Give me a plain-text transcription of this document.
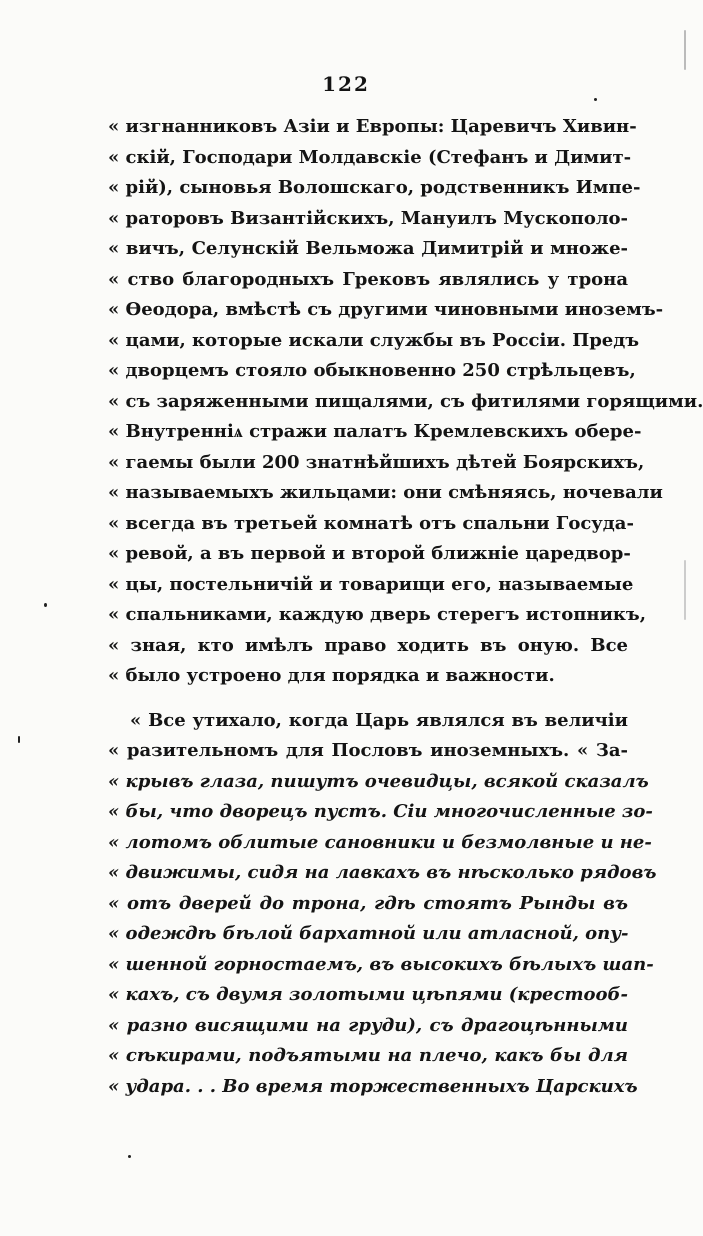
122
« изгнанниковъ Азіи и Европы: Царевичъ Хивин-
« скій, Господари Молдавскіе (Стефанъ и Димит-
« рій), сыновья Волошскаго, родственникъ Импе-
« раторовъ Византійскихъ, Мануилъ Мускополо-
« вичъ, Селунскій Вельможа Димитрій и множе-
« ство благородныхъ Грековъ являлись у трона
« Ѳеодора, вмѣстѣ съ другими чиновными иноземъ-
« цами, которые искали службы въ Россіи. Предъ
« дворцемъ стояло обыкновенно 250 стрѣльцевъ,
« съ заряженными пищалями, съ фитилями горящими.
« Внутренніѧ стражи палатъ Кремлевскихъ обере-
« гаемы были 200 знатнѣйшихъ дѣтей Боярскихъ,
« называемыхъ жильцами: они смѣняясь, ночевали
« всегда въ третьей комнатѣ отъ спальни Госуда-
« ревой, а въ первой и второй ближніе царедвор-
« цы, постельничій и товарищи его, называемые
« спальниками, каждую дверь стерегъ истопникъ,
« зная, кто имѣлъ право ходить въ оную. Все
« было устроено для порядка и важности.
« Все утихало, когда Царь являлся въ величіи
« разительномъ для Пословъ иноземныхъ. « За-
« крывъ глаза, пишутъ очевидцы, всякой сказалъ
« бы, что дворецъ пустъ. Сіи многочисленные зо-
« лотомъ облитые сановники и безмолвные и не-
« движимы, сидя на лавкахъ въ нѣсколько рядовъ
« отъ дверей до трона, гдѣ стоятъ Рынды въ
« одеждѣ бѣлой бархатной или атласной, опу-
« шенной горностаемъ, въ высокихъ бѣлыхъ шап-
« кахъ, съ двумя золотыми цѣпями (крестооб-
« разно висящими на груди), съ драгоцѣнными
« сѣкирами, подъятыми на плечо, какъ бы для
« удара. . . Во время торжественныхъ Царскихъ
